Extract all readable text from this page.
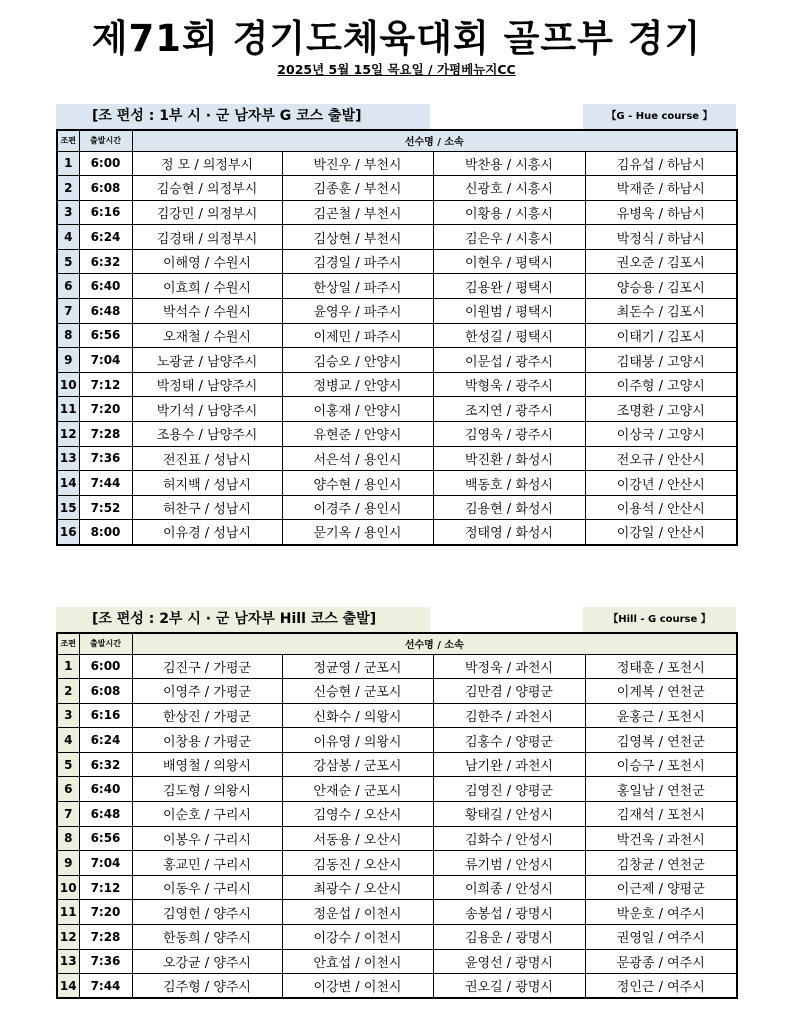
제71회 경기도체육대회 골프부 경기
2025년 5월 15일 목요일 / 가평베뉴지CC
[조 편성 : 1부 시 · 군 남자부 G 코스 출발]	【G - Hue course 】
조편	출발시간	선수명 / 소속			
1	6:00	정 모 / 의정부시	박진우 / 부천시	박찬용 / 시흥시	김유섭 / 하남시
2	6:08	김승현 / 의정부시	김종훈 / 부천시	신광호 / 시흥시	박재준 / 하남시
3	6:16	김강민 / 의정부시	김곤철 / 부천시	이황용 / 시흥시	유병욱 / 하남시
4	6:24	김경태 / 의정부시	김상현 / 부천시	김은우 / 시흥시	박정식 / 하남시
5	6:32	이해영 / 수원시	김경일 / 파주시	이현우 / 평택시	권오준 / 김포시
6	6:40	이효희 / 수원시	한상일 / 파주시	김용완 / 평택시	양승용 / 김포시
7	6:48	박석수 / 수원시	윤영우 / 파주시	이원범 / 평택시	최돈수 / 김포시
8	6:56	오재철 / 수원시	이제민 / 파주시	한성길 / 평택시	이태기 / 김포시
9	7:04	노광균 / 남양주시	김승오 / 안양시	이문섭 / 광주시	김태붕 / 고양시
10	7:12	박정태 / 남양주시	정병교 / 안양시	박형욱 / 광주시	이주형 / 고양시
11	7:20	박기석 / 남양주시	이홍재 / 안양시	조지연 / 광주시	조명환 / 고양시
12	7:28	조용수 / 남양주시	유현준 / 안양시	김영욱 / 광주시	이상국 / 고양시
13	7:36	전진표 / 성남시	서은석 / 용인시	박진환 / 화성시	전오규 / 안산시
14	7:44	허지백 / 성남시	양수현 / 용인시	백동호 / 화성시	이강년 / 안산시
15	7:52	허찬구 / 성남시	이경주 / 용인시	김용현 / 화성시	이용석 / 안산시
16	8:00	이유경 / 성남시	문기옥 / 용인시	정태영 / 화성시	이강일 / 안산시
[조 편성 : 2부 시 · 군 남자부 Hill 코스 출발]	【Hill - G course 】
조편	출발시간	선수명 / 소속			
1	6:00	김진구 / 가평군	정균영 / 군포시	박정욱 / 과천시	정태훈 / 포천시
2	6:08	이영주 / 가평군	신승현 / 군포시	김만겸 / 양평군	이계복 / 연천군
3	6:16	한상진 / 가평군	신화수 / 의왕시	김한주 / 과천시	윤홍근 / 포천시
4	6:24	이창용 / 가평군	이유영 / 의왕시	김홍수 / 양평군	김영복 / 연천군
5	6:32	배영철 / 의왕시	강삼봉 / 군포시	남기완 / 과천시	이승구 / 포천시
6	6:40	김도형 / 의왕시	안재순 / 군포시	김영진 / 양평군	홍일남 / 연천군
7	6:48	이순호 / 구리시	김영수 / 오산시	황태길 / 안성시	김재석 / 포천시
8	6:56	이봉우 / 구리시	서동용 / 오산시	김화수 / 안성시	박건욱 / 과천시
9	7:04	홍교민 / 구리시	김동진 / 오산시	류기범 / 안성시	김창균 / 연천군
10	7:12	이동우 / 구리시	최광수 / 오산시	이희종 / 안성시	이근제 / 양평군
11	7:20	김영헌 / 양주시	정운섭 / 이천시	송봉섭 / 광명시	박운호 / 여주시
12	7:28	한동희 / 양주시	이강수 / 이천시	김용운 / 광명시	권영일 / 여주시
13	7:36	오강균 / 양주시	안효섭 / 이천시	윤영선 / 광명시	문광종 / 여주시
14	7:44	김주형 / 양주시	이강변 / 이천시	권오길 / 광명시	정인근 / 여주시
